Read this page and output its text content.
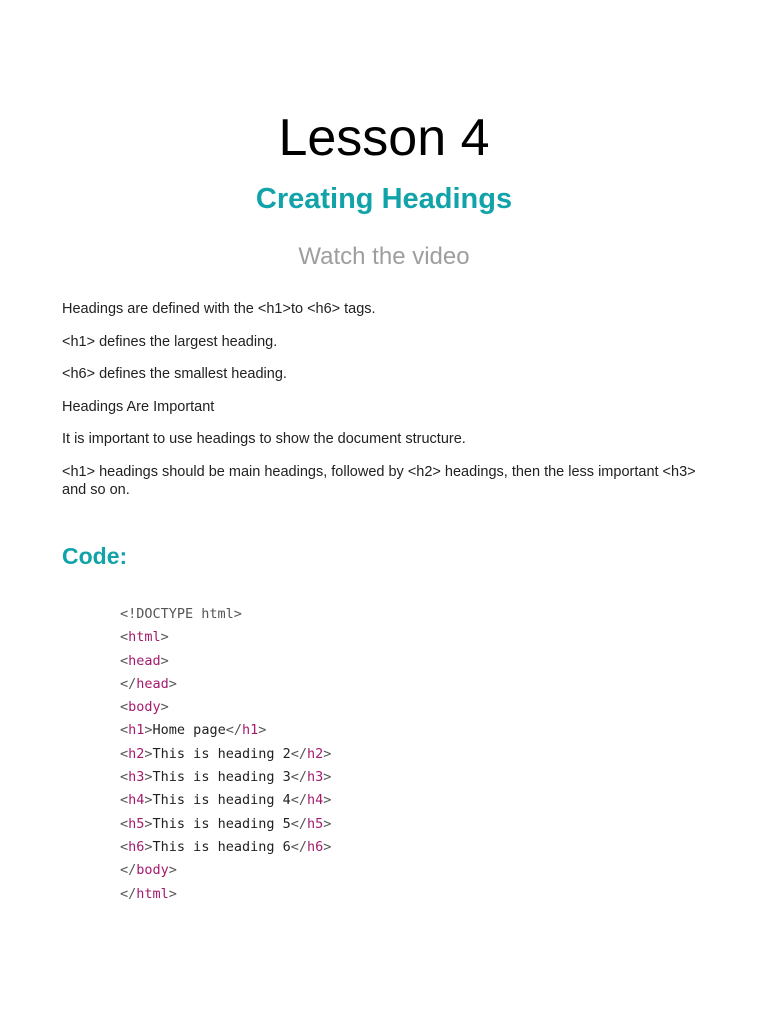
Lesson 4
Creating Headings
Watch the video

Headings are defined with the <h1>to <h6> tags.

<h1> defines the largest heading.

<h6> defines the smallest heading.

Headings Are Important

It is important to use headings to show the document structure.

<h1> headings should be main headings, followed by <h2> headings, then the less important <h3> and so on.

Code:
<!DOCTYPE html>
<html>
<head>
</head>
<body>
<h1>Home page</h1>
<h2>This is heading 2</h2>
<h3>This is heading 3</h3>
<h4>This is heading 4</h4>
<h5>This is heading 5</h5>
<h6>This is heading 6</h6>
</body>
</html>
